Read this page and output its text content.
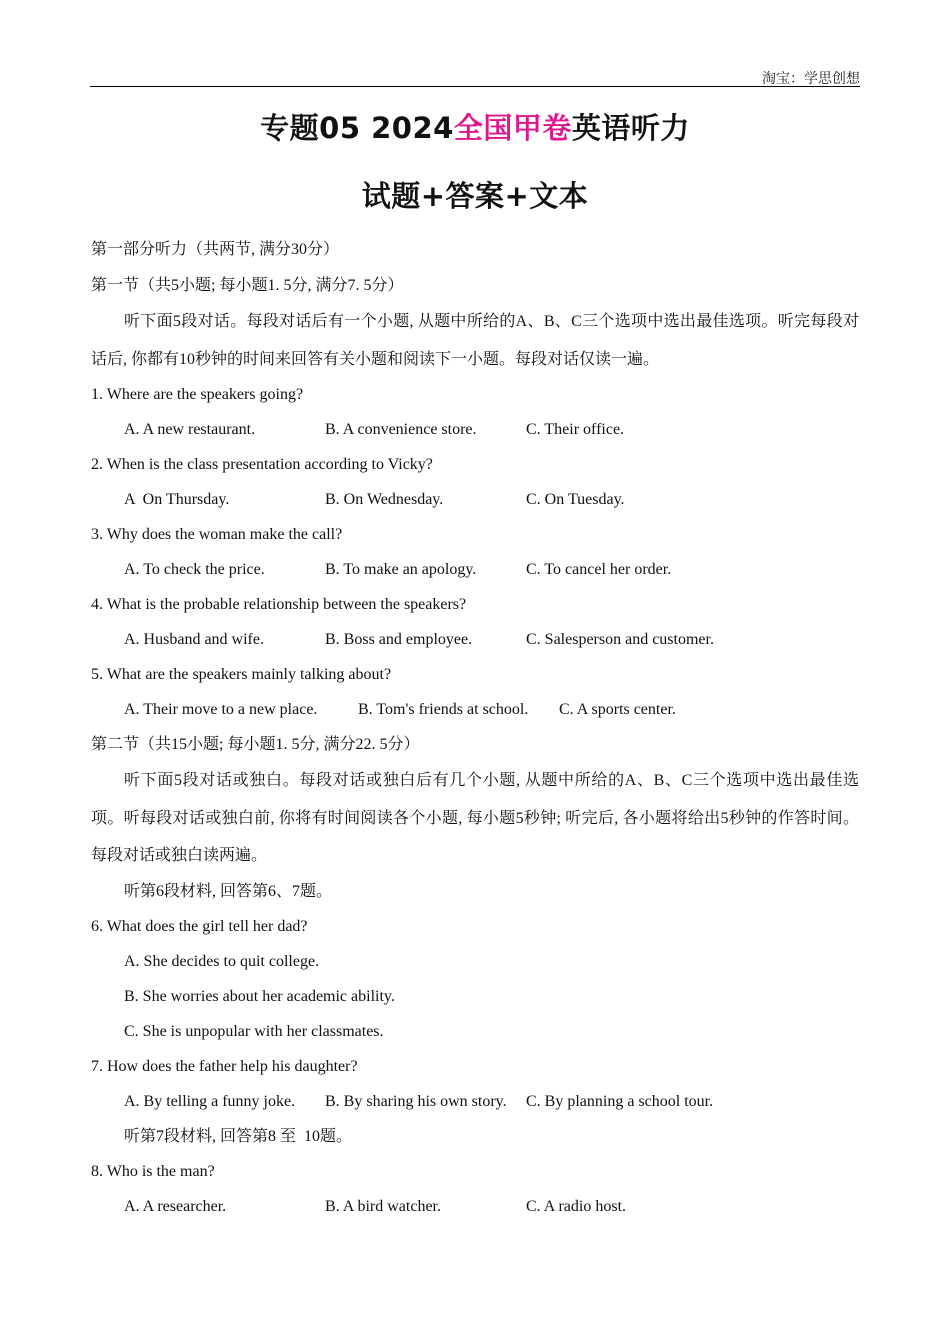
淘宝：学思创想
专题05 2024全国甲卷英语听力
试题+答案+文本
第一部分听力（共两节, 满分30分）
第一节（共5小题; 每小题1. 5分, 满分7. 5分）
听下面5段对话。每段对话后有一个小题, 从题中所给的A、B、C三个选项中选出最佳选项。听完每段对话后, 你都有10秒钟的时间来回答有关小题和阅读下一小题。每段对话仅读一遍。
1. Where are the speakers going?
A. A new restaurant.	B. A convenience store.	C. Their office.
2. When is the class presentation according to Vicky?
A  On Thursday.	B. On Wednesday.	C. On Tuesday.
3. Why does the woman make the call?
A. To check the price.	B. To make an apology.	C. To cancel her order.
4. What is the probable relationship between the speakers?
A. Husband and wife.	B. Boss and employee.	C. Salesperson and customer.
5. What are the speakers mainly talking about?
A. Their move to a new place.	B. Tom's friends at school. C. A sports center.
第二节（共15小题; 每小题1. 5分, 满分22. 5分）
听下面5段对话或独白。每段对话或独白后有几个小题, 从题中所给的A、B、C三个选项中选出最佳选项。听每段对话或独白前, 你将有时间阅读各个小题, 每小题5秒钟; 听完后, 各小题将给出5秒钟的作答时间。每段对话或独白读两遍。
听第6段材料, 回答第6、7题。
6. What does the girl tell her dad?
A. She decides to quit college.
B. She worries about her academic ability.
C. She is unpopular with her classmates.
7. How does the father help his daughter?
A. By telling a funny joke. B. By sharing his own story. C. By planning a school tour.
听第7段材料, 回答第8 至  10题。
8. Who is the man?
A. A researcher.	B. A bird watcher.	C. A radio host.
